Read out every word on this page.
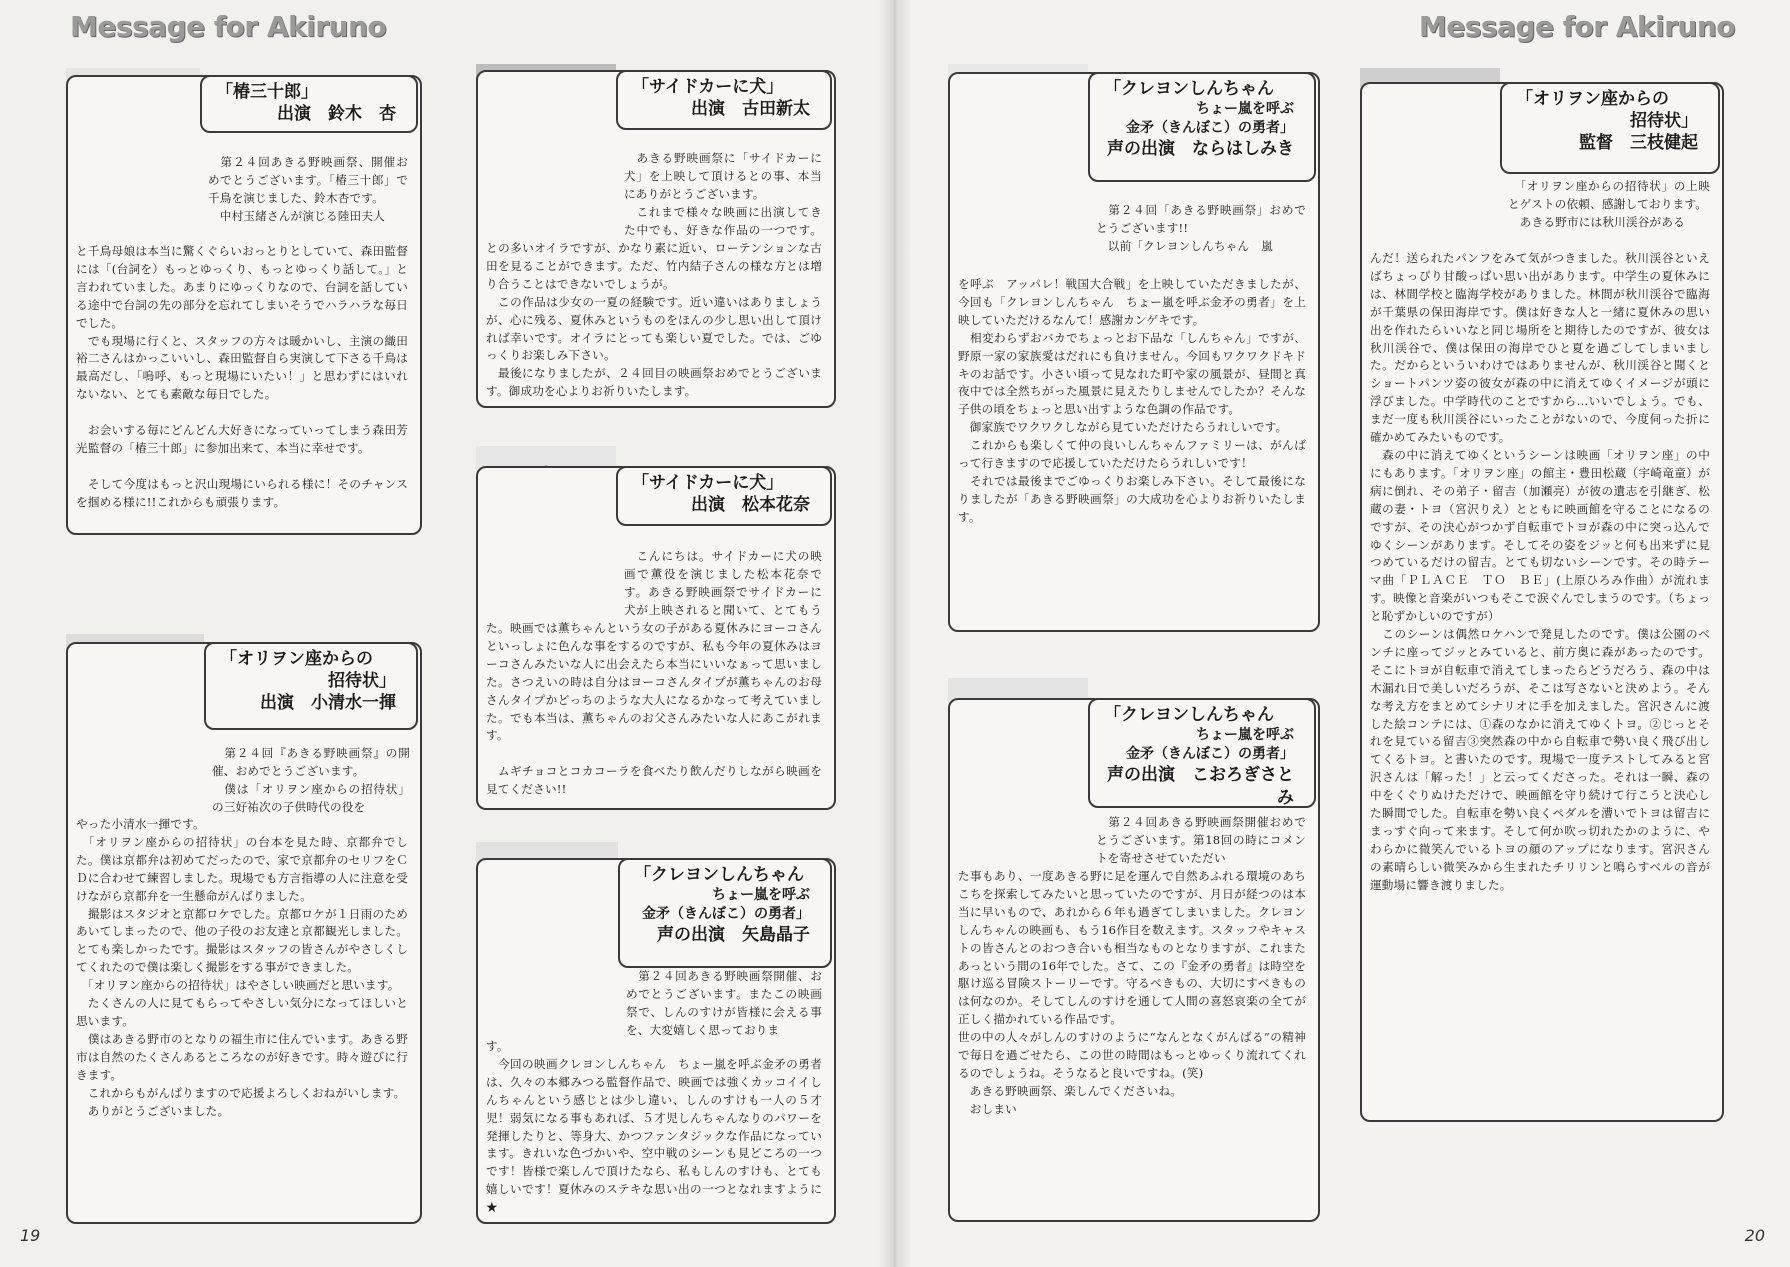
Message for Akiruno	Message for Akiruno
「椿三十郎」
出演　鈴木　杏
　第２４回あきる野映画祭、開催おめでとうございます。「椿三十郎」で千鳥を演じました、鈴木杏です。
　中村玉緒さんが演じる陸田夫人
と千鳥母娘は本当に驚くぐらいおっとりとしていて、森田監督には「(台詞を）もっとゆっくり、もっとゆっくり話して。」と言われていました。あまりにゆっくりなので、台詞を話している途中で台詞の先の部分を忘れてしまいそうでハラハラな毎日でした。
　でも現場に行くと、スタッフの方々は暖かいし、主演の織田裕二さんはかっこいいし、森田監督自ら実演して下さる千鳥は最高だし、「嗚呼、もっと現場にいたい！」と思わずにはいれないない、とても素敵な毎日でした。

　お会いする毎にどんどん大好きになっていってしまう森田芳光監督の「椿三十郎」に参加出来て、本当に幸せです。

　そして今度はもっと沢山現場にいられる様に！そのチャンスを掴める様に!!これからも頑張ります。

「オリヲン座からの
招待状」
出演　小清水一揮
　第２４回『あきる野映画祭』の開催、おめでとうございます。
　僕は「オリヲン座からの招待状」の三好祐次の子供時代の役を
やった小清水一揮です。
　「オリヲン座からの招待状」の台本を見た時、京都弁でした。僕は京都弁は初めてだったので、家で京都弁のセリフをＣＤに合わせて練習しました。現場でも方言指導の人に注意を受けながら京都弁を一生懸命がんばりました。
　撮影はスタジオと京都ロケでした。京都ロケが１日雨のためあいてしまったので、他の子役のお友達と京都観光しました。とても楽しかったです。撮影はスタッフの皆さんがやさしくしてくれたので僕は楽しく撮影をする事ができました。
　「オリヲン座からの招待状」はやさしい映画だと思います。
　たくさんの人に見てもらってやさしい気分になってほしいと思います。
　僕はあきる野市のとなりの福生市に住んでいます。あきる野市は自然のたくさんあるところなのが好きです。時々遊びに行きます。
　これからもがんばりますので応援よろしくおねがいします。
　ありがとうございました。
「サイドカーに犬」
出演　古田新太
　あきる野映画祭に「サイドカーに犬」を上映して頂けるとの事、本当にありがとうございます。
　これまで様々な映画に出演してきた中でも、好きな作品の一つです。
との多いオイラですが、かなり素に近い、ローテンションな古田を見ることができます。ただ、竹内結子さんの様な方とは増り合うことはできないでしょうが。
　この作品は少女の一夏の経験です。近い違いはありましょうが、心に残る、夏休みというものをほんの少し思い出して頂ければ幸いです。オイラにとっても楽しい夏でした。では、ごゆっくりお楽しみ下さい。
　最後になりましたが、２４回目の映画祭おめでとうございます。御成功を心よりお祈りいたします。
「サイドカーに犬」
出演　松本花奈
　こんにちは。サイドカーに犬の映画で薫役を演じました松本花奈です。あきる野映画祭でサイドカーに犬が上映されると聞いて、とてもう
た。映画では薫ちゃんという女の子がある夏休みにヨーコさんといっしょに色んな事をするのですが、私も今年の夏休みはヨーコさんみたいな人に出会えたら本当にいいなぁって思いました。さつえいの時は自分はヨーコさんタイプが薫ちゃんのお母さんタイプかどっちのような大人になるかなって考えていました。でも本当は、薫ちゃんのお父さんみたいな人にあこがれます。

　ムギチョコとコカコーラを食べたり飲んだりしながら映画を見てください!!
「クレヨンしんちゃん
ちょー嵐を呼ぶ
金矛（きんぼこ）の勇者」
声の出演　矢島晶子
　第２４回あきる野映画祭開催、おめでとうございます。またこの映画祭で、しんのすけが皆様に会える事を、大変嬉しく思っておりま
す。
　今回の映画クレヨンしんちゃん　ちょー嵐を呼ぶ金矛の勇者は、久々の本郷みつる監督作品で、映画では強くカッコイイしんちゃんという感じとは少し違い、しんのすけも一人の５才児！弱気になる事もあれば、５才児しんちゃんなりのパワーを発揮したりと、等身大、かつファンタジックな作品になっています。きれいな色づかいや、空中戦のシーンも見どころの一つです！皆様で楽しんで頂けたなら、私もしんのすけも、とても嬉しいです！夏休みのステキな思い出の一つとなれますように★
「クレヨンしんちゃん
ちょー嵐を呼ぶ
金矛（きんぼこ）の勇者」
声の出演　ならはしみき
　第２４回「あきる野映画祭」おめでとうございます!!
　以前「クレヨンしんちゃん　嵐
を呼ぶ　アッパレ！戦国大合戦」を上映していただきましたが、今回も「クレヨンしんちゃん　ちょー嵐を呼ぶ金矛の勇者」を上映していただけるなんて！感謝カンゲキです。
　相変わらずおバカでちょっとお下品な「しんちゃん」ですが、野原一家の家族愛はだれにも負けません。今回もワクワクドキドキのお話です。小さい頃って見なれた町や家の風景が、昼間と真夜中では全然ちがった風景に見えたりしませんでしたか？そんな子供の頃をちょっと思い出すような色調の作品です。
　御家族でワクワクしながら見ていただけたらうれしいです。
　これからも楽しくて仲の良いしんちゃんファミリーは、がんばって行きますので応援していただけたらうれしいです！
　それでは最後までごゆっくりお楽しみ下さい。そして最後になりましたが「あきる野映画祭」の大成功を心よりお祈りいたします。
「クレヨンしんちゃん
ちょー嵐を呼ぶ
金矛（きんぼこ）の勇者」
声の出演　こおろぎさとみ
　第２４回あきる野映画祭開催おめでとうございます。第18回の時にコメントを寄せさせていただい
た事もあり、一度あきる野に足を運んで自然あふれる環境のあちこちを探索してみたいと思っていたのですが、月日が経つのは本当に早いもので、あれから６年も過ぎてしまいました。クレヨンしんちゃんの映画も、もう16作目を数えます。スタッフやキャストの皆さんとのおつき合いも相当なものとなりますが、これまたあっという間の16年でした。さて、この『金矛の勇者』は時空を駆け巡る冒険ストーリーです。守るべきもの、大切にすべきものは何なのか。そしてしんのすけを通して人間の喜怒哀楽の全てが正しく描かれている作品です。
世の中の人々がしんのすけのように“なんとなくがんばる”の精神で毎日を過ごせたら、この世の時間はもっとゆっくり流れてくれるのでしょうね。そうなると良いですね。(笑)
　あきる野映画祭、楽しんでくださいね。
　おしまい
「オリヲン座からの
招待状」
監督　三枝健起
　「オリヲン座からの招待状」の上映とゲストの依頼、感謝しております。
　あきる野市には秋川渓谷がある
んだ！送られたパンフをみて気がつきました。秋川渓谷といえばちょっぴり甘酸っぱい思い出があります。中学生の夏休みには、林間学校と臨海学校がありました。林間が秋川渓谷で臨海が千葉県の保田海岸です。僕は好きな人と一緒に夏休みの思い出を作れたらいいなと同じ場所をと期待したのですが、彼女は秋川渓谷で、僕は保田の海岸でひと夏を過ごしてしまいました。だからといういわけではありませんが、秋川渓谷と聞くとショートパンツ姿の彼女が森の中に消えてゆくイメージが頭に浮びました。中学時代のことですから…いいでしょう。でも、まだ一度も秋川渓谷にいったことがないので、今度伺った折に確かめてみたいものです。
　森の中に消えてゆくというシーンは映画「オリヲン座」の中にもあります。「オリヲン座」の館主・豊田松蔵（宇崎竜童）が病に倒れ、その弟子・留吉（加瀬亮）が彼の遺志を引継ぎ、松蔵の妻・トヨ（宮沢りえ）とともに映画館を守ることになるのですが、その決心がつかず自転車でトヨが森の中に突っ込んでゆくシーンがあります。そしてその姿をジッと何も出来ずに見つめているだけの留吉。とても切ないシーンです。その時テーマ曲「ＰＬＡＣＥ　ＴＯ　ＢＥ」(上原ひろみ作曲）が流れます。映像と音楽がいつもそこで涙ぐんでしまうのです。（ちょっと恥ずかしいのですが）
　このシーンは偶然ロケハンで発見したのです。僕は公園のベンチに座ってジッとみていると、前方奥に森があったのです。そこにトヨが自転車で消えてしまったらどうだろう、森の中は木漏れ日で美しいだろうが、そこは写さないと決めよう。そんな考え方をまとめてシナリオに手を加えました。宮沢さんに渡した絵コンテには、①森のなかに消えてゆくトヨ。②じっとそれを見ている留吉③突然森の中から自転車で勢い良く飛び出してくるトヨ。と書いたのです。現場で一度テストしてみると宮沢さんは「解った！」と云ってくださった。それは一瞬、森の中をくぐりぬけただけで、映画館を守り続けて行こうと決心した瞬間でした。自転車を勢い良くペダルを漕いでトヨは留吉にまっすぐ向って来ます。そして何か吹っ切れたかのように、やわらかに微笑んでいるトヨの顔のアップになります。宮沢さんの素晴らしい微笑みから生まれたチリリンと鳴らすベルの音が運動場に響き渡りました。
19	20
